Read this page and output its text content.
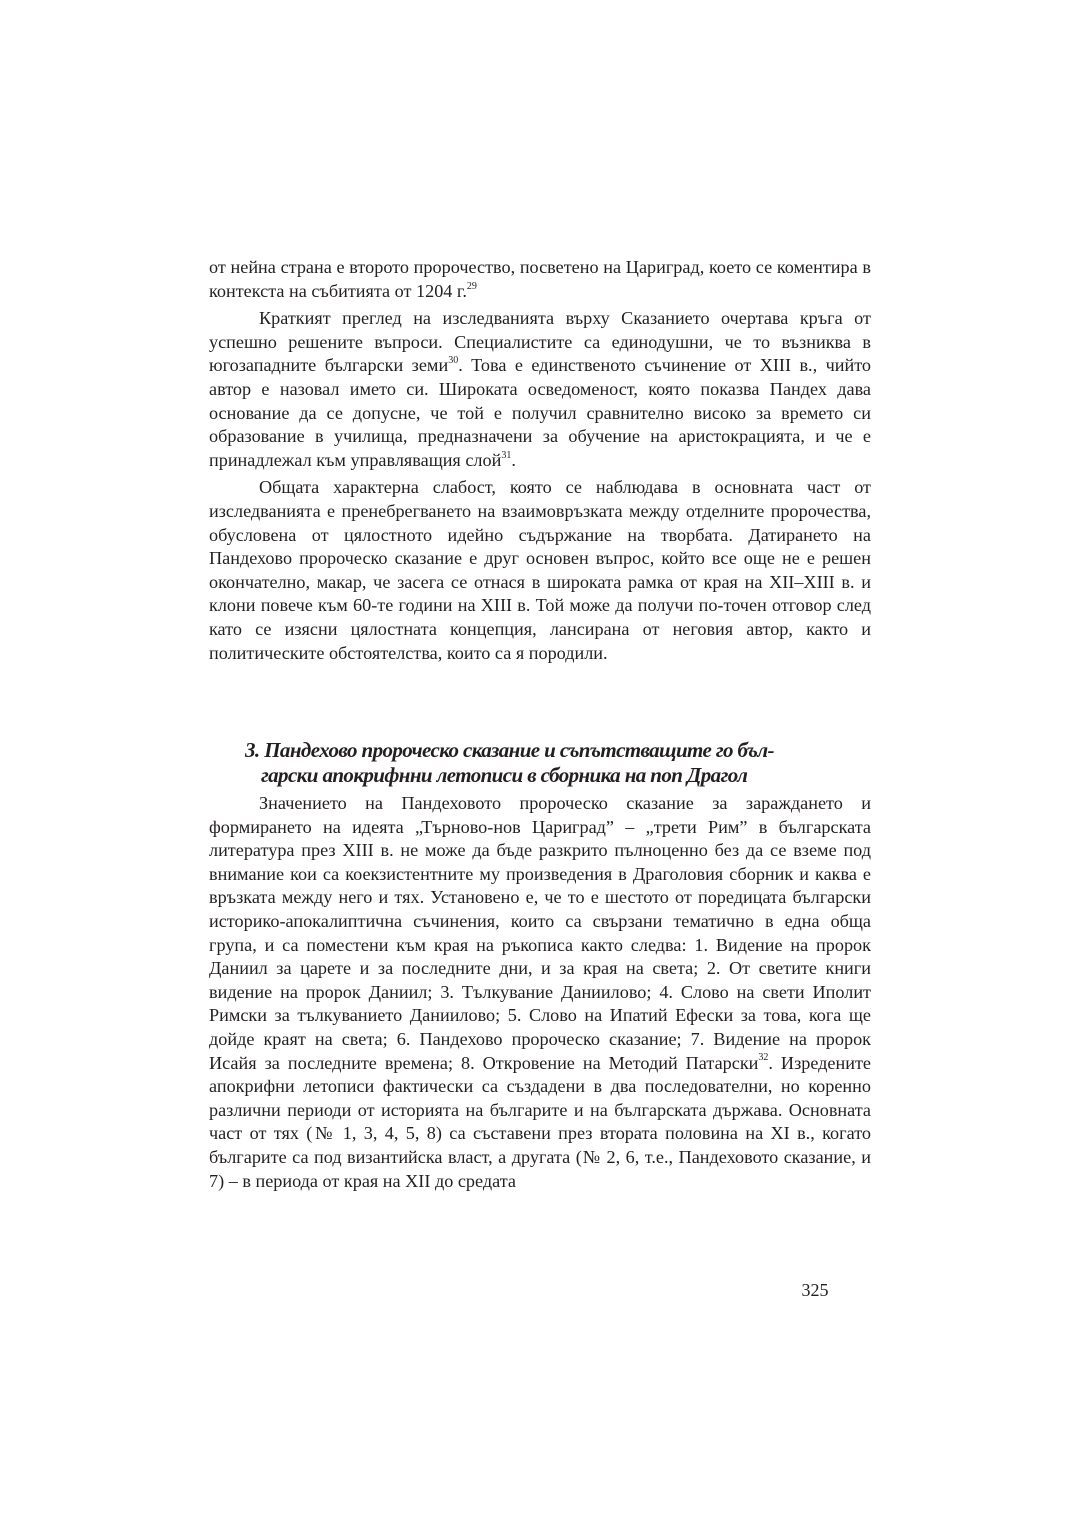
от нейна страна е второто пророчество, посветено на Цариград, което се коментира в контекста на събитията от 1204 г.$^{29}$

Краткият преглед на изследванията върху Сказанието очертава кръга от успешно решените въпроси. Специалистите са единодушни, че то възниква в югозападните български земи$^{30}$. Това е единственото съчинение от XIII в., чийто автор е назовал името си. Широката осведоменост, която показва Пандех дава основание да се допусне, че той е получил сравнително високо за времето си образование в училища, предназначени за обучение на аристокрацията, и че е принадлежал към управляващия слой$^{31}$.

Общата характерна слабост, която се наблюдава в основната част от изследванията е пренебрегването на взаимовръзката между отделните пророчества, обусловена от цялостното идейно съдържание на творбата. Датирането на Пандехово пророческо сказание е друг основен въпрос, който все още не е решен окончателно, макар, че засега се отнася в широката рамка от края на XII–XIII в. и клони повече към 60-те години на XIII в. Той може да получи по-точен отговор след като се изясни цялостната концепция, лансирана от неговия автор, както и политическите обстоятелства, които са я породили.

3. Пандехово пророческо сказание и съпътстващите го бъл-
гарски апокрифнни летописи в сборника на поп Драгол

Значението на Пандеховото пророческо сказание за зараждането и формирането на идеята „Търново-нов Цариград” – „трети Рим” в българската литература през XIII в. не може да бъде разкрито пълноценно без да се вземе под внимание кои са коекзистентните му произведения в Драголовия сборник и каква е връзката между него и тях. Установено е, че то е шестото от поредицата български историко-апокалиптична съчинения, които са свързани тематично в една обща група, и са поместени към края на ръкописа както следва: 1. Видение на пророк Даниил за царете и за последните дни, и за края на света; 2. От светите книги видение на пророк Даниил; 3. Тълкувание Даниилово; 4. Слово на свети Иполит Римски за тълкуванието Даниилово; 5. Слово на Ипатий Ефески за това, кога ще дойде краят на света; 6. Пандехово пророческо сказание; 7. Видение на пророк Исайя за последните времена; 8. Откровение на Методий Патарски$^{32}$. Изредените апокрифни летописи фактически са създадени в два последователни, но коренно различни периоди от историята на българите и на българската държава. Основната част от тях (№ 1, 3, 4, 5, 8) са съставени през втората половина на XI в., когато българите са под византийска власт, а другата (№ 2, 6, т.е., Пандеховото сказание, и 7) – в периода от края на XII до средата

325
